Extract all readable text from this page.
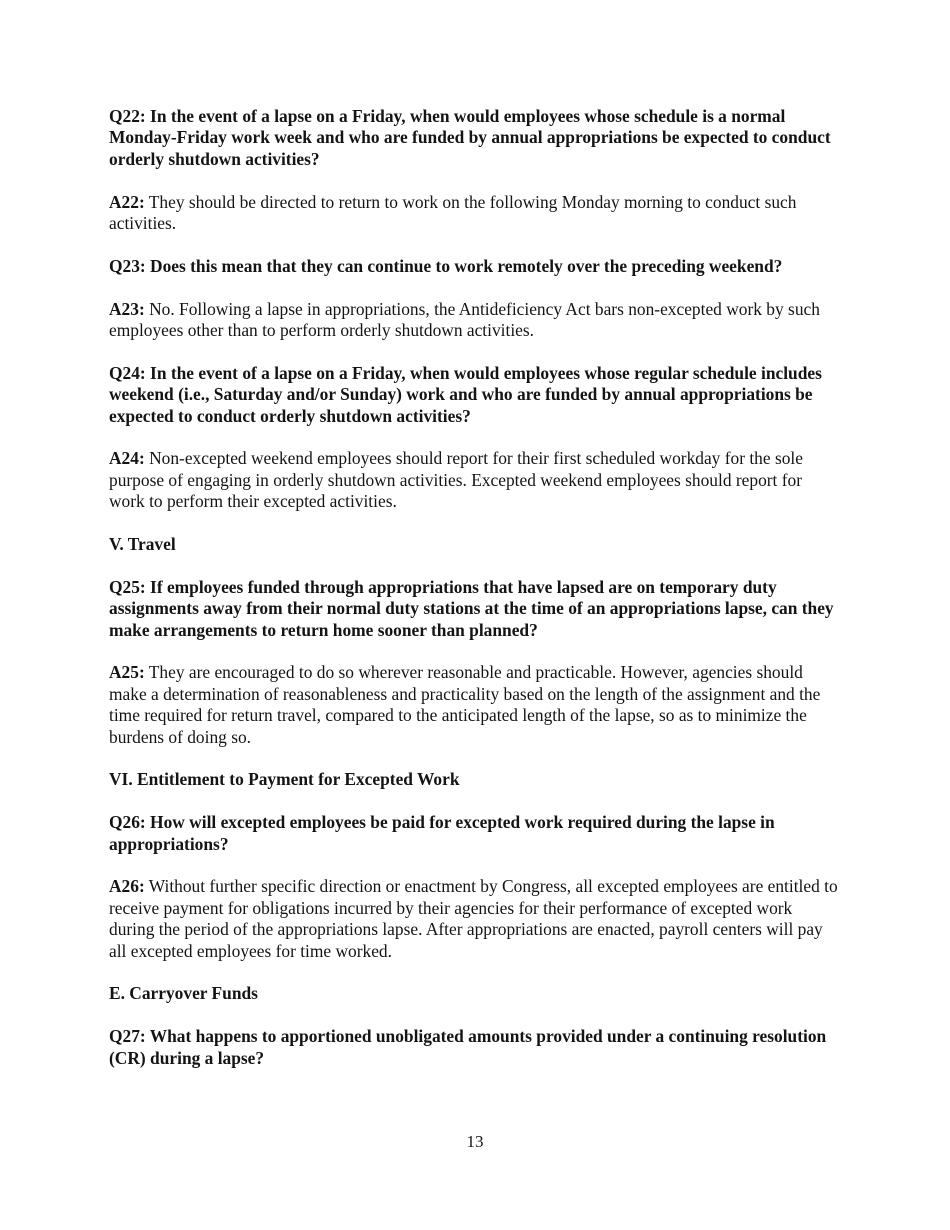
Q22: In the event of a lapse on a Friday, when would employees whose schedule is a normal Monday-Friday work week and who are funded by annual appropriations be expected to conduct orderly shutdown activities?

A22: They should be directed to return to work on the following Monday morning to conduct such activities.

Q23: Does this mean that they can continue to work remotely over the preceding weekend?

A23: No. Following a lapse in appropriations, the Antideficiency Act bars non-excepted work by such employees other than to perform orderly shutdown activities.

Q24: In the event of a lapse on a Friday, when would employees whose regular schedule includes weekend (i.e., Saturday and/or Sunday) work and who are funded by annual appropriations be expected to conduct orderly shutdown activities?

A24: Non-excepted weekend employees should report for their first scheduled workday for the sole purpose of engaging in orderly shutdown activities. Excepted weekend employees should report for work to perform their excepted activities.

V. Travel

Q25: If employees funded through appropriations that have lapsed are on temporary duty assignments away from their normal duty stations at the time of an appropriations lapse, can they make arrangements to return home sooner than planned?

A25: They are encouraged to do so wherever reasonable and practicable. However, agencies should make a determination of reasonableness and practicality based on the length of the assignment and the time required for return travel, compared to the anticipated length of the lapse, so as to minimize the burdens of doing so.

VI. Entitlement to Payment for Excepted Work

Q26: How will excepted employees be paid for excepted work required during the lapse in appropriations?

A26: Without further specific direction or enactment by Congress, all excepted employees are entitled to receive payment for obligations incurred by their agencies for their performance of excepted work during the period of the appropriations lapse. After appropriations are enacted, payroll centers will pay all excepted employees for time worked.

E. Carryover Funds

Q27: What happens to apportioned unobligated amounts provided under a continuing resolution (CR) during a lapse?

13
